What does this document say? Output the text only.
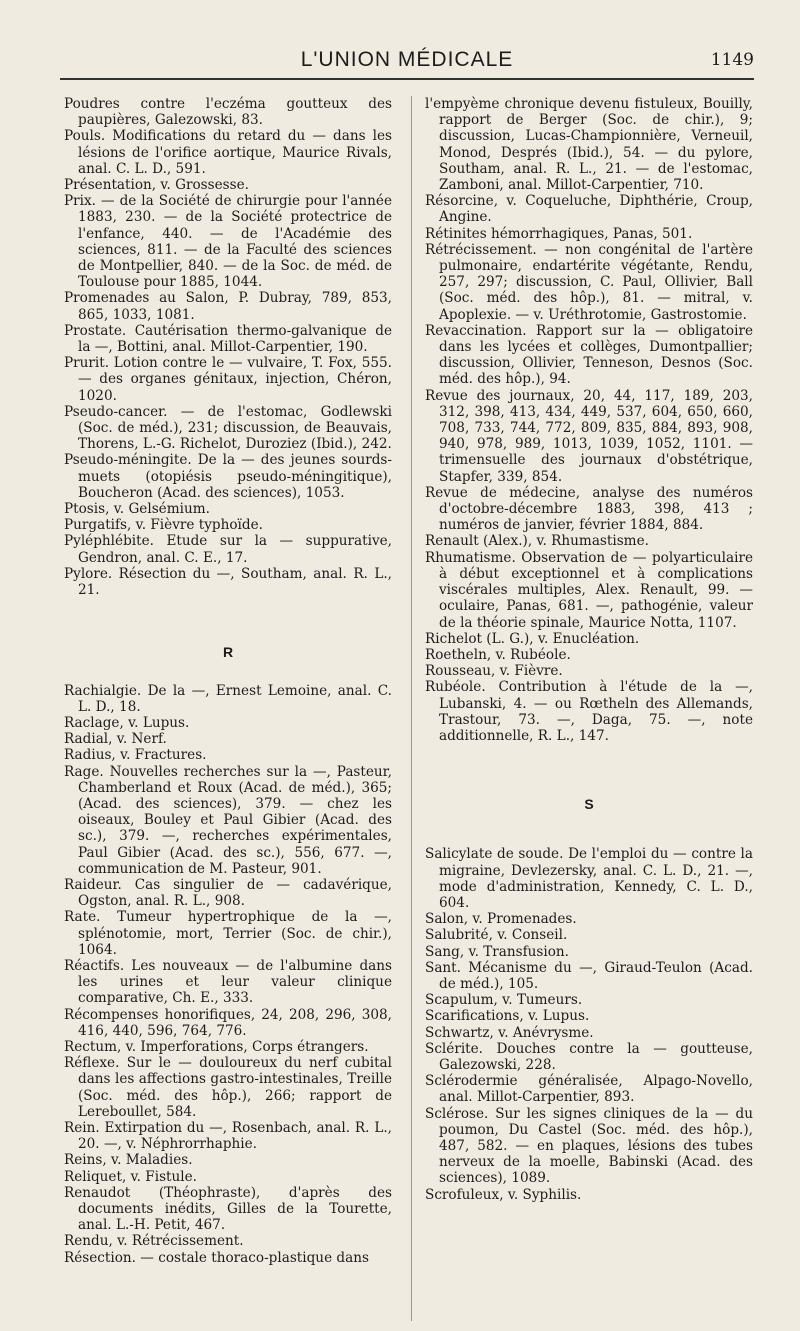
L'UNION MÉDICALE	1149

Poudres contre l'eczéma goutteux des paupières, Galezowski, 83.

Pouls. Modifications du retard du — dans les lésions de l'orifice aortique, Maurice Rivals, anal. C. L. D., 591.

Présentation, v. Grossesse.

Prix. — de la Société de chirurgie pour l'année 1883, 230. — de la Société protectrice de l'enfance, 440. — de l'Académie des sciences, 811. — de la Faculté des sciences de Montpellier, 840. — de la Soc. de méd. de Toulouse pour 1885, 1044.

Promenades au Salon, P. Dubray, 789, 853, 865, 1033, 1081.

Prostate. Cautérisation thermo-galvanique de la —, Bottini, anal. Millot-Carpentier, 190.

Prurit. Lotion contre le — vulvaire, T. Fox, 555. — des organes génitaux, injection, Chéron, 1020.

Pseudo-cancer. — de l'estomac, Godlewski (Soc. de méd.), 231; discussion, de Beauvais, Thorens, L.-G. Richelot, Duroziez (Ibid.), 242.

Pseudo-méningite. De la — des jeunes sourds-muets (otopiésis pseudo-méningitique), Boucheron (Acad. des sciences), 1053.

Ptosis, v. Gelsémium.

Purgatifs, v. Fièvre typhoïde.

Pyléphlébite. Etude sur la — suppurative, Gendron, anal. C. E., 17.

Pylore. Résection du —, Southam, anal. R. L., 21.

R

Rachialgie. De la —, Ernest Lemoine, anal. C. L. D., 18.

Raclage, v. Lupus.

Radial, v. Nerf.

Radius, v. Fractures.

Rage. Nouvelles recherches sur la —, Pasteur, Chamberland et Roux (Acad. de méd.), 365; (Acad. des sciences), 379. — chez les oiseaux, Bouley et Paul Gibier (Acad. des sc.), 379. —, recherches expérimentales, Paul Gibier (Acad. des sc.), 556, 677. —, communication de M. Pasteur, 901.

Raideur. Cas singulier de — cadavérique, Ogston, anal. R. L., 908.

Rate. Tumeur hypertrophique de la —, splénotomie, mort, Terrier (Soc. de chir.), 1064.

Réactifs. Les nouveaux — de l'albumine dans les urines et leur valeur clinique comparative, Ch. E., 333.

Récompenses honorifiques, 24, 208, 296, 308, 416, 440, 596, 764, 776.

Rectum, v. Imperforations, Corps étrangers.

Réflexe. Sur le — douloureux du nerf cubital dans les affections gastro-intestinales, Treille (Soc. méd. des hôp.), 266; rapport de Lereboullet, 584.

Rein. Extirpation du —, Rosenbach, anal. R. L., 20. —, v. Néphrorrhaphie.

Reins, v. Maladies.

Reliquet, v. Fistule.

Renaudot (Théophraste), d'après des documents inédits, Gilles de la Tourette, anal. L.-H. Petit, 467.

Rendu, v. Rétrécissement.

Résection. — costale thoraco-plastique dans

l'empyème chronique devenu fistuleux, Bouilly, rapport de Berger (Soc. de chir.), 9; discussion, Lucas-Championnière, Verneuil, Monod, Després (Ibid.), 54. — du pylore, Southam, anal. R. L., 21. — de l'estomac, Zamboni, anal. Millot-Carpentier, 710.

Résorcine, v. Coqueluche, Diphthérie, Croup, Angine.

Rétinites hémorrhagiques, Panas, 501.

Rétrécissement. — non congénital de l'artère pulmonaire, endartérite végétante, Rendu, 257, 297; discussion, C. Paul, Ollivier, Ball (Soc. méd. des hôp.), 81. — mitral, v. Apoplexie. — v. Uréthrotomie, Gastrostomie.

Revaccination. Rapport sur la — obligatoire dans les lycées et collèges, Dumontpallier; discussion, Ollivier, Tenneson, Desnos (Soc. méd. des hôp.), 94.

Revue des journaux, 20, 44, 117, 189, 203, 312, 398, 413, 434, 449, 537, 604, 650, 660, 708, 733, 744, 772, 809, 835, 884, 893, 908, 940, 978, 989, 1013, 1039, 1052, 1101. — trimensuelle des journaux d'obstétrique, Stapfer, 339, 854.

Revue de médecine, analyse des numéros d'octobre-décembre 1883, 398, 413 ; numéros de janvier, février 1884, 884.

Renault (Alex.), v. Rhumastisme.

Rhumatisme. Observation de — polyarticulaire à début exceptionnel et à complications viscérales multiples, Alex. Renault, 99. — oculaire, Panas, 681. —, pathogénie, valeur de la théorie spinale, Maurice Notta, 1107.

Richelot (L. G.), v. Enucléation.

Roetheln, v. Rubéole.

Rousseau, v. Fièvre.

Rubéole. Contribution à l'étude de la —, Lubanski, 4. — ou Rœtheln des Allemands, Trastour, 73. —, Daga, 75. —, note additionnelle, R. L., 147.

S

Salicylate de soude. De l'emploi du — contre la migraine, Devlezersky, anal. C. L. D., 21. —, mode d'administration, Kennedy, C. L. D., 604.

Salon, v. Promenades.

Salubrité, v. Conseil.

Sang, v. Transfusion.

Sant. Mécanisme du —, Giraud-Teulon (Acad. de méd.), 105.

Scapulum, v. Tumeurs.

Scarifications, v. Lupus.

Schwartz, v. Anévrysme.

Sclérite. Douches contre la — goutteuse, Galezowski, 228.

Sclérodermie généralisée, Alpago-Novello, anal. Millot-Carpentier, 893.

Sclérose. Sur les signes cliniques de la — du poumon, Du Castel (Soc. méd. des hôp.), 487, 582. — en plaques, lésions des tubes nerveux de la moelle, Babinski (Acad. des sciences), 1089.

Scrofuleux, v. Syphilis.
